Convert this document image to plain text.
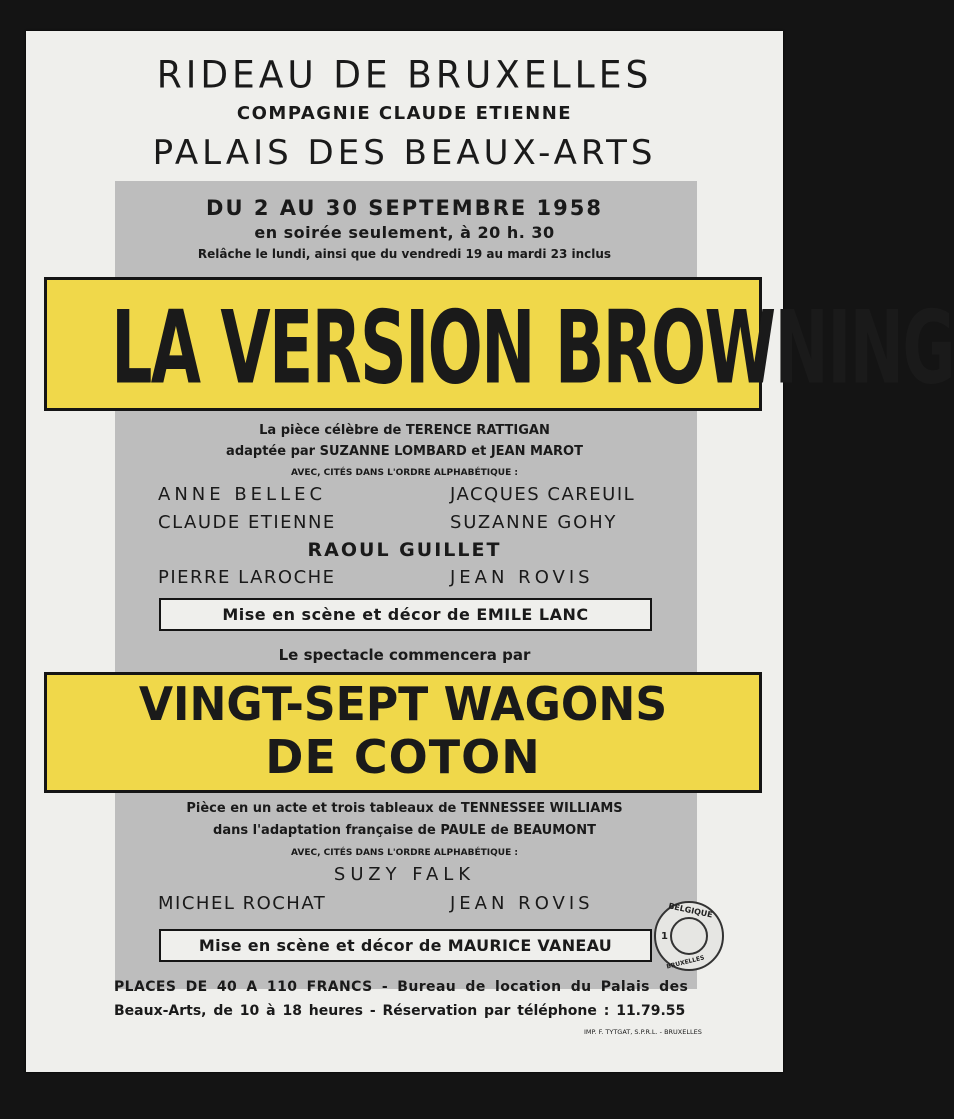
RIDEAU DE BRUXELLES
COMPAGNIE CLAUDE ETIENNE
PALAIS DES BEAUX-ARTS
DU 2 AU 30 SEPTEMBRE 1958
en soirée seulement, à 20 h. 30
Relâche le lundi, ainsi que du vendredi 19 au mardi 23 inclus
LA VERSION BROWNING
La pièce célèbre de TERENCE RATTIGAN
adaptée par SUZANNE LOMBARD et JEAN MAROT
AVEC, CITÉS DANS L'ORDRE ALPHABÉTIQUE :
ANNE BELLEC	JACQUES CAREUIL
CLAUDE ETIENNE	SUZANNE GOHY
RAOUL GUILLET
PIERRE LAROCHE	JEAN ROVIS
Mise en scène et décor de EMILE LANC
Le spectacle commencera par
VINGT-SEPT WAGONS
DE COTON
Pièce en un acte et trois tableaux de TENNESSEE WILLIAMS
dans l'adaptation française de PAULE de BEAUMONT
AVEC, CITÉS DANS L'ORDRE ALPHABÉTIQUE :
SUZY FALK
MICHEL ROCHAT	JEAN ROVIS
Mise en scène et décor de MAURICE VANEAU
BELGIQUE
1
BRUXELLES
PLACES DE 40 A 110 FRANCS - Bureau de location du Palais des
Beaux-Arts, de 10 à 18 heures - Réservation par téléphone : 11.79.55
IMP. F. TYTGAT, S.P.R.L. - BRUXELLES
